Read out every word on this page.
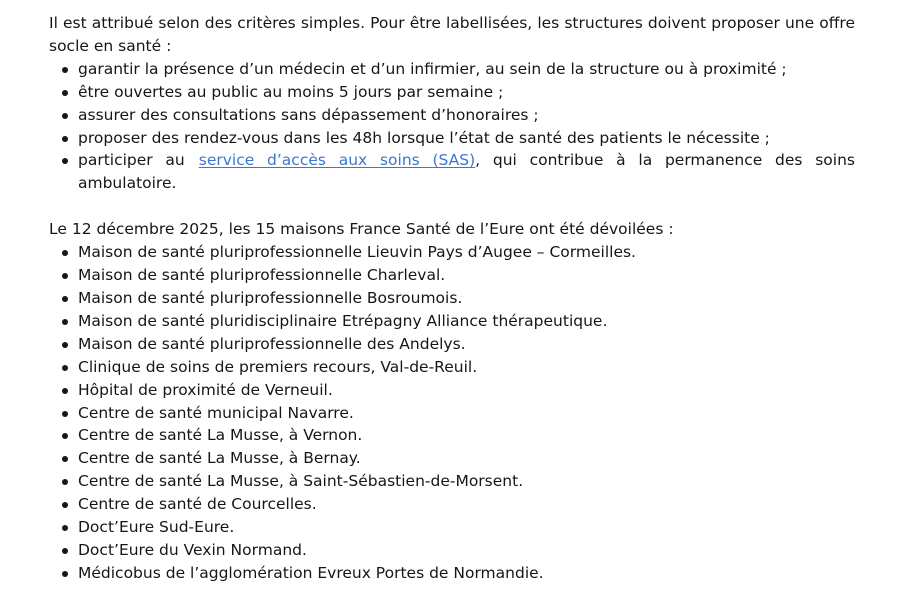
Il est attribué selon des critères simples. Pour être labellisées, les structures doivent proposer une offre socle en santé :

garantir la présence d’un médecin et d’un infirmier, au sein de la structure ou à proximité ;
être ouvertes au public au moins 5 jours par semaine ;
assurer des consultations sans dépassement d’honoraires ;
proposer des rendez-vous dans les 48h lorsque l’état de santé des patients le nécessite ;
participer au service d’accès aux soins (SAS), qui contribue à la permanence des soins ambulatoire.

Le 12 décembre 2025, les 15 maisons France Santé de l’Eure ont été dévoilées :

Maison de santé pluriprofessionnelle Lieuvin Pays d’Augee – Cormeilles.
Maison de santé pluriprofessionnelle Charleval.
Maison de santé pluriprofessionnelle Bosroumois.
Maison de santé pluridisciplinaire Etrépagny Alliance thérapeutique.
Maison de santé pluriprofessionnelle des Andelys.
Clinique de soins de premiers recours, Val-de-Reuil.
Hôpital de proximité de Verneuil.
Centre de santé municipal Navarre.
Centre de santé La Musse, à Vernon.
Centre de santé La Musse, à Bernay.
Centre de santé La Musse, à Saint-Sébastien-de-Morsent.
Centre de santé de Courcelles.
Doct’Eure Sud-Eure.
Doct’Eure du Vexin Normand.
Médicobus de l’agglomération Evreux Portes de Normandie.
